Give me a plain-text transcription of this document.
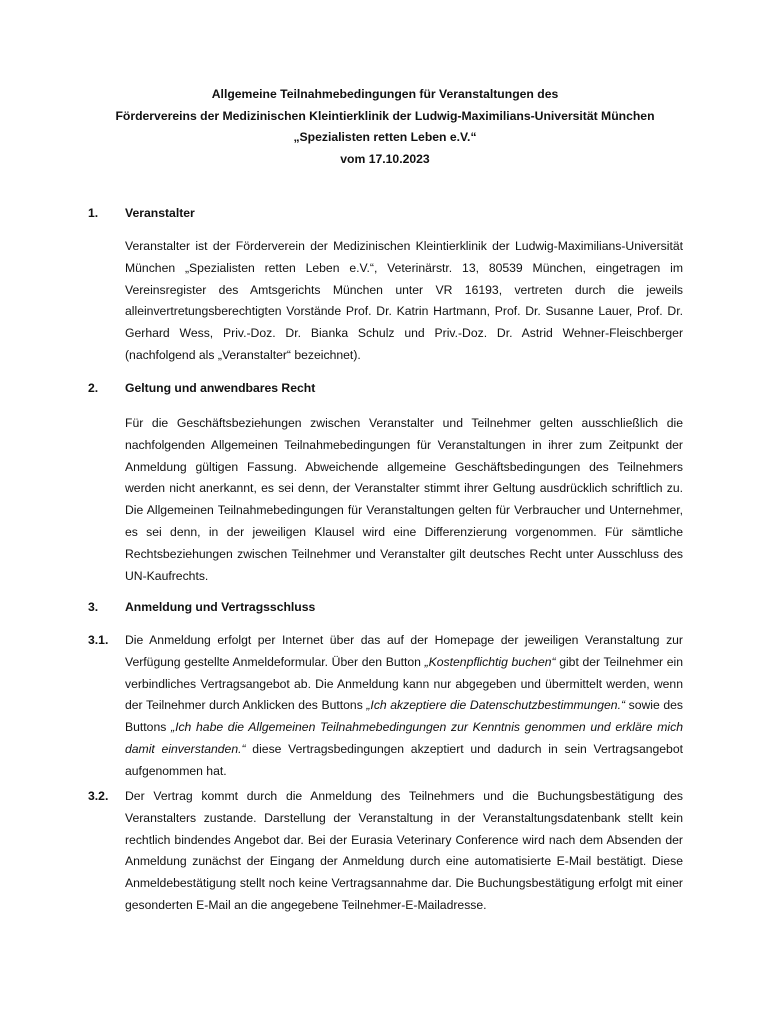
Allgemeine Teilnahmebedingungen für Veranstaltungen des
Fördervereins der Medizinischen Kleintierklinik der Ludwig-Maximilians-Universität München
„Spezialisten retten Leben e.V.“
vom 17.10.2023
1. Veranstalter
Veranstalter ist der Förderverein der Medizinischen Kleintierklinik der Ludwig-Maximilians-Universität München „Spezialisten retten Leben e.V.“, Veterinärstr. 13, 80539 München, eingetragen im Vereinsregister des Amtsgerichts München unter VR 16193, vertreten durch die jeweils alleinvertretungsberechtigten Vorstände Prof. Dr. Katrin Hartmann, Prof. Dr. Susanne Lauer, Prof. Dr. Gerhard Wess, Priv.-Doz. Dr. Bianka Schulz und Priv.-Doz. Dr. Astrid Wehner-Fleischberger (nachfolgend als „Veranstalter“ bezeichnet).
2. Geltung und anwendbares Recht
Für die Geschäftsbeziehungen zwischen Veranstalter und Teilnehmer gelten ausschließlich die nachfolgenden Allgemeinen Teilnahmebedingungen für Veranstaltungen in ihrer zum Zeitpunkt der Anmeldung gültigen Fassung. Abweichende allgemeine Geschäftsbedingungen des Teilnehmers werden nicht anerkannt, es sei denn, der Veranstalter stimmt ihrer Geltung ausdrücklich schriftlich zu. Die Allgemeinen Teilnahmebedingungen für Veranstaltungen gelten für Verbraucher und Unternehmer, es sei denn, in der jeweiligen Klausel wird eine Differenzierung vorgenommen. Für sämtliche Rechtsbeziehungen zwischen Teilnehmer und Veranstalter gilt deutsches Recht unter Ausschluss des UN-Kaufrechts.
3. Anmeldung und Vertragsschluss
3.1. Die Anmeldung erfolgt per Internet über das auf der Homepage der jeweiligen Veranstaltung zur Verfügung gestellte Anmeldeformular. Über den Button „Kostenpflichtig buchen“ gibt der Teilnehmer ein verbindliches Vertragsangebot ab. Die Anmeldung kann nur abgegeben und übermittelt werden, wenn der Teilnehmer durch Anklicken des Buttons „Ich akzeptiere die Datenschutzbestimmungen.“ sowie des Buttons „Ich habe die Allgemeinen Teilnahmebedingungen zur Kenntnis genommen und erkläre mich damit einverstanden.“ diese Vertragsbedingungen akzeptiert und dadurch in sein Vertragsangebot aufgenommen hat.
3.2. Der Vertrag kommt durch die Anmeldung des Teilnehmers und die Buchungsbestätigung des Veranstalters zustande. Darstellung der Veranstaltung in der Veranstaltungsdatenbank stellt kein rechtlich bindendes Angebot dar. Bei der Eurasia Veterinary Conference wird nach dem Absenden der Anmeldung zunächst der Eingang der Anmeldung durch eine automatisierte E-Mail bestätigt. Diese Anmeldebestätigung stellt noch keine Vertragsannahme dar. Die Buchungsbestätigung erfolgt mit einer gesonderten E-Mail an die angegebene Teilnehmer-E-Mailadresse.
